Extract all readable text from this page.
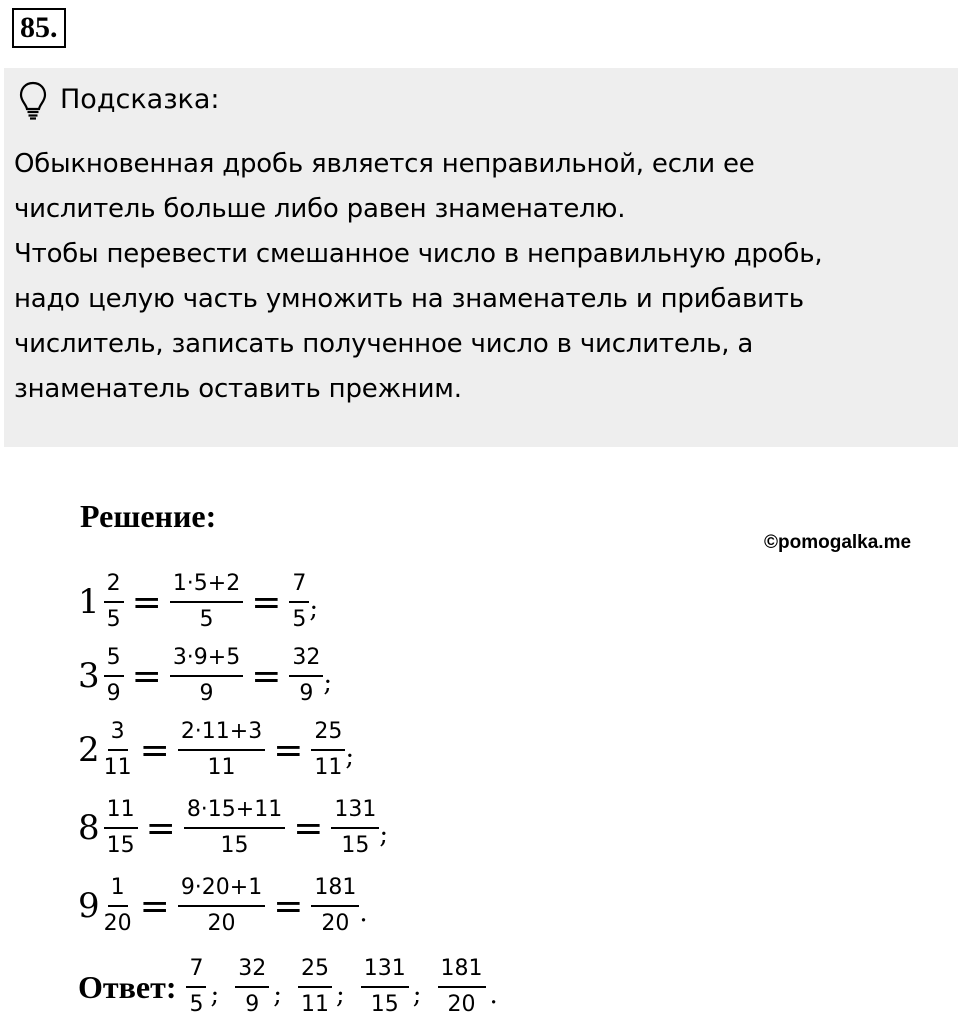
85.
Подсказка:
Обыкновенная дробь является неправильной, если ее
числитель больше либо равен знаменателю.
Чтобы перевести смешанное число в неправильную дробь,
надо целую часть умножить на знаменатель и прибавить
числитель, записать полученное число в числитель, а
знаменатель оставить прежним.
Решение:
©pomogalka.me
$1 \frac{2}{5} = \frac{1\cdot 5+2}{5} = \frac{7}{5}$ ;
$3 \frac{5}{9} = \frac{3\cdot 9+5}{9} = \frac{32}{9}$ ;
$2 \frac{3}{11} = \frac{2\cdot 11+3}{11} = \frac{25}{11}$ ;
$8 \frac{11}{15} = \frac{8\cdot 15+11}{15} = \frac{131}{15}$ ;
$9 \frac{1}{20} = \frac{9\cdot 20+1}{20} = \frac{181}{20}$ .
Ответ: $\frac{7}{5}$ ; $\frac{32}{9}$ ; $\frac{25}{11}$ ; $\frac{131}{15}$ ; $\frac{181}{20}$ .
